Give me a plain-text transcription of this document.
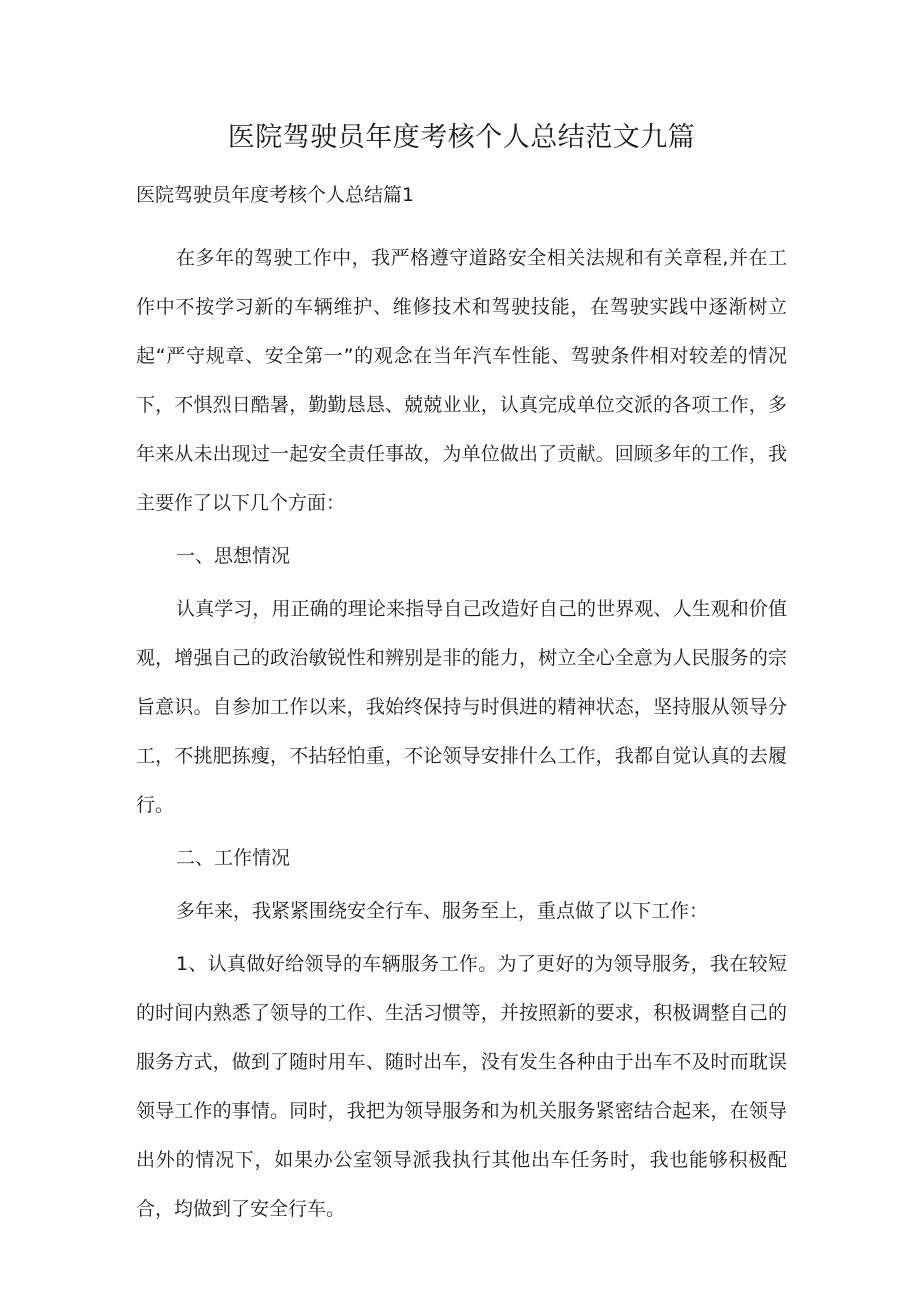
医院驾驶员年度考核个人总结范文九篇
医院驾驶员年度考核个人总结篇1

在多年的驾驶工作中，我严格遵守道路安全相关法规和有关章程,并在工作中不按学习新的车辆维护、维修技术和驾驶技能，在驾驶实践中逐渐树立起“严守规章、安全第一”的观念在当年汽车性能、驾驶条件相对较差的情况下，不惧烈日酷暑，勤勤恳恳、兢兢业业，认真完成单位交派的各项工作，多年来从未出现过一起安全责任事故，为单位做出了贡献。回顾多年的工作，我主要作了以下几个方面：

一、思想情况

认真学习，用正确的理论来指导自己改造好自己的世界观、人生观和价值观，增强自己的政治敏锐性和辨别是非的能力，树立全心全意为人民服务的宗旨意识。自参加工作以来，我始终保持与时俱进的精神状态，坚持服从领导分工，不挑肥拣瘦，不拈轻怕重，不论领导安排什么工作，我都自觉认真的去履行。

二、工作情况

多年来，我紧紧围绕安全行车、服务至上，重点做了以下工作：

1、认真做好给领导的车辆服务工作。为了更好的为领导服务，我在较短的时间内熟悉了领导的工作、生活习惯等，并按照新的要求，积极调整自己的服务方式，做到了随时用车、随时出车，没有发生各种由于出车不及时而耽误领导工作的事情。同时，我把为领导服务和为机关服务紧密结合起来，在领导出外的情况下，如果办公室领导派我执行其他出车任务时，我也能够积极配合，均做到了安全行车。
